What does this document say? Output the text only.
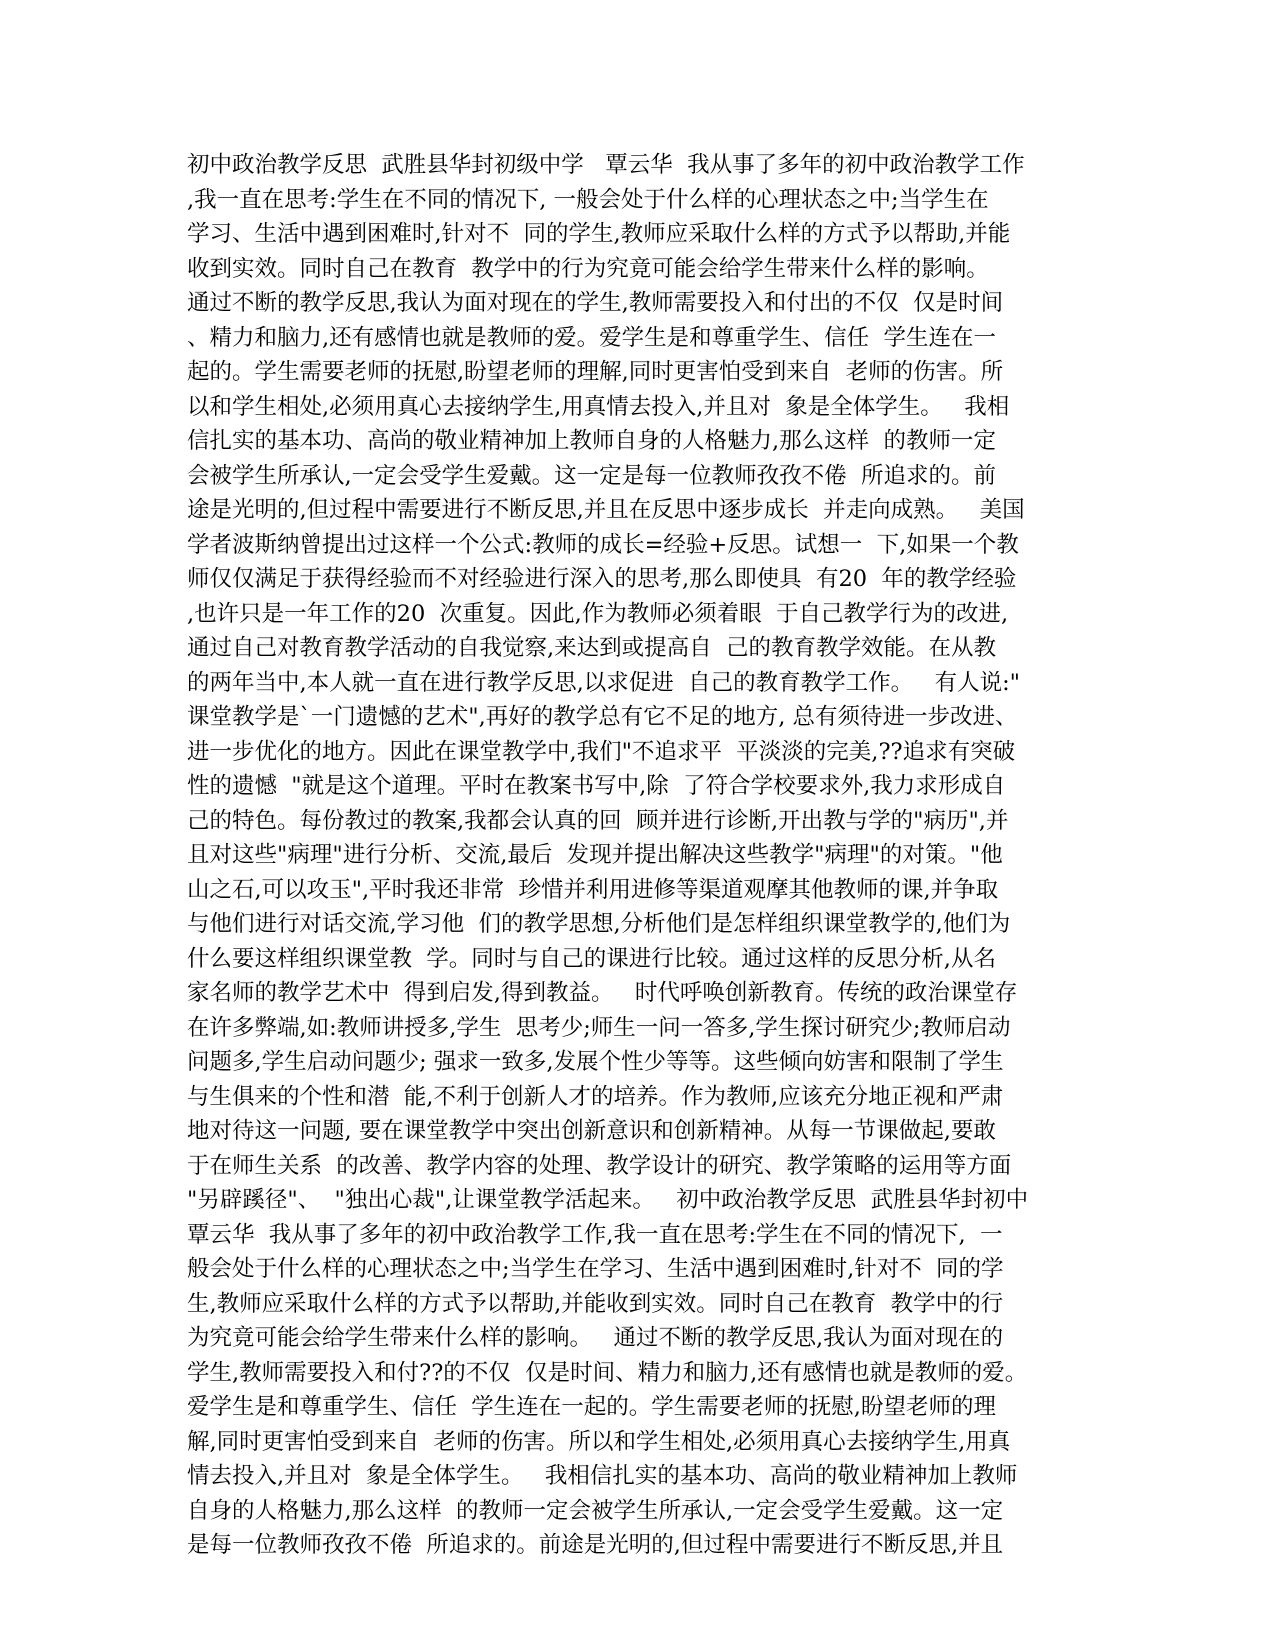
初中政治教学反思  武胜县华封初级中学   覃云华  我从事了多年的初中政治教学工作
,我一直在思考:学生在不同的情况下, 一般会处于什么样的心理状态之中;当学生在
学习、生活中遇到困难时,针对不  同的学生,教师应采取什么样的方式予以帮助,并能
收到实效。同时自己在教育  教学中的行为究竟可能会给学生带来什么样的影响。
通过不断的教学反思,我认为面对现在的学生,教师需要投入和付出的不仅  仅是时间
、精力和脑力,还有感情也就是教师的爱。爱学生是和尊重学生、信任  学生连在一
起的。学生需要老师的抚慰,盼望老师的理解,同时更害怕受到来自  老师的伤害。所
以和学生相处,必须用真心去接纳学生,用真情去投入,并且对  象是全体学生。   我相
信扎实的基本功、高尚的敬业精神加上教师自身的人格魅力,那么这样  的教师一定
会被学生所承认,一定会受学生爱戴。这一定是每一位教师孜孜不倦  所追求的。前
途是光明的,但过程中需要进行不断反思,并且在反思中逐步成长  并走向成熟。   美国
学者波斯纳曾提出过这样一个公式:教师的成长=经验+反思。试想一  下,如果一个教
师仅仅满足于获得经验而不对经验进行深入的思考,那么即使具  有20  年的教学经验
,也许只是一年工作的20  次重复。因此,作为教师必须着眼  于自己教学行为的改进,
通过自己对教育教学活动的自我觉察,来达到或提高自  己的教育教学效能。在从教
的两年当中,本人就一直在进行教学反思,以求促进  自己的教育教学工作。   有人说:"
课堂教学是`一门遗憾的艺术",再好的教学总有它不足的地方, 总有须待进一步改进、
进一步优化的地方。因此在课堂教学中,我们"不追求平  平淡淡的完美,??追求有突破
性的遗憾  "就是这个道理。平时在教案书写中,除  了符合学校要求外,我力求形成自
己的特色。每份教过的教案,我都会认真的回  顾并进行诊断,开出教与学的"病历",并
且对这些"病理"进行分析、交流,最后  发现并提出解决这些教学"病理"的对策。"他
山之石,可以攻玉",平时我还非常  珍惜并利用进修等渠道观摩其他教师的课,并争取
与他们进行对话交流,学习他  们的教学思想,分析他们是怎样组织课堂教学的,他们为
什么要这样组织课堂教  学。同时与自己的课进行比较。通过这样的反思分析,从名
家名师的教学艺术中  得到启发,得到教益。   时代呼唤创新教育。传统的政治课堂存
在许多弊端,如:教师讲授多,学生  思考少;师生一问一答多,学生探讨研究少;教师启动
问题多,学生启动问题少; 强求一致多,发展个性少等等。这些倾向妨害和限制了学生
与生俱来的个性和潜  能,不利于创新人才的培养。作为教师,应该充分地正视和严肃
地对待这一问题, 要在课堂教学中突出创新意识和创新精神。从每一节课做起,要敢
于在师生关系  的改善、教学内容的处理、教学设计的研究、教学策略的运用等方面
"另辟蹊径"、  "独出心裁",让课堂教学活起来。   初中政治教学反思  武胜县华封初中
覃云华  我从事了多年的初中政治教学工作,我一直在思考:学生在不同的情况下,  一
般会处于什么样的心理状态之中;当学生在学习、生活中遇到困难时,针对不  同的学
生,教师应采取什么样的方式予以帮助,并能收到实效。同时自己在教育  教学中的行
为究竟可能会给学生带来什么样的影响。   通过不断的教学反思,我认为面对现在的
学生,教师需要投入和付??的不仅  仅是时间、精力和脑力,还有感情也就是教师的爱。
爱学生是和尊重学生、信任  学生连在一起的。学生需要老师的抚慰,盼望老师的理
解,同时更害怕受到来自  老师的伤害。所以和学生相处,必须用真心去接纳学生,用真
情去投入,并且对  象是全体学生。   我相信扎实的基本功、高尚的敬业精神加上教师
自身的人格魅力,那么这样  的教师一定会被学生所承认,一定会受学生爱戴。这一定
是每一位教师孜孜不倦  所追求的。前途是光明的,但过程中需要进行不断反思,并且
